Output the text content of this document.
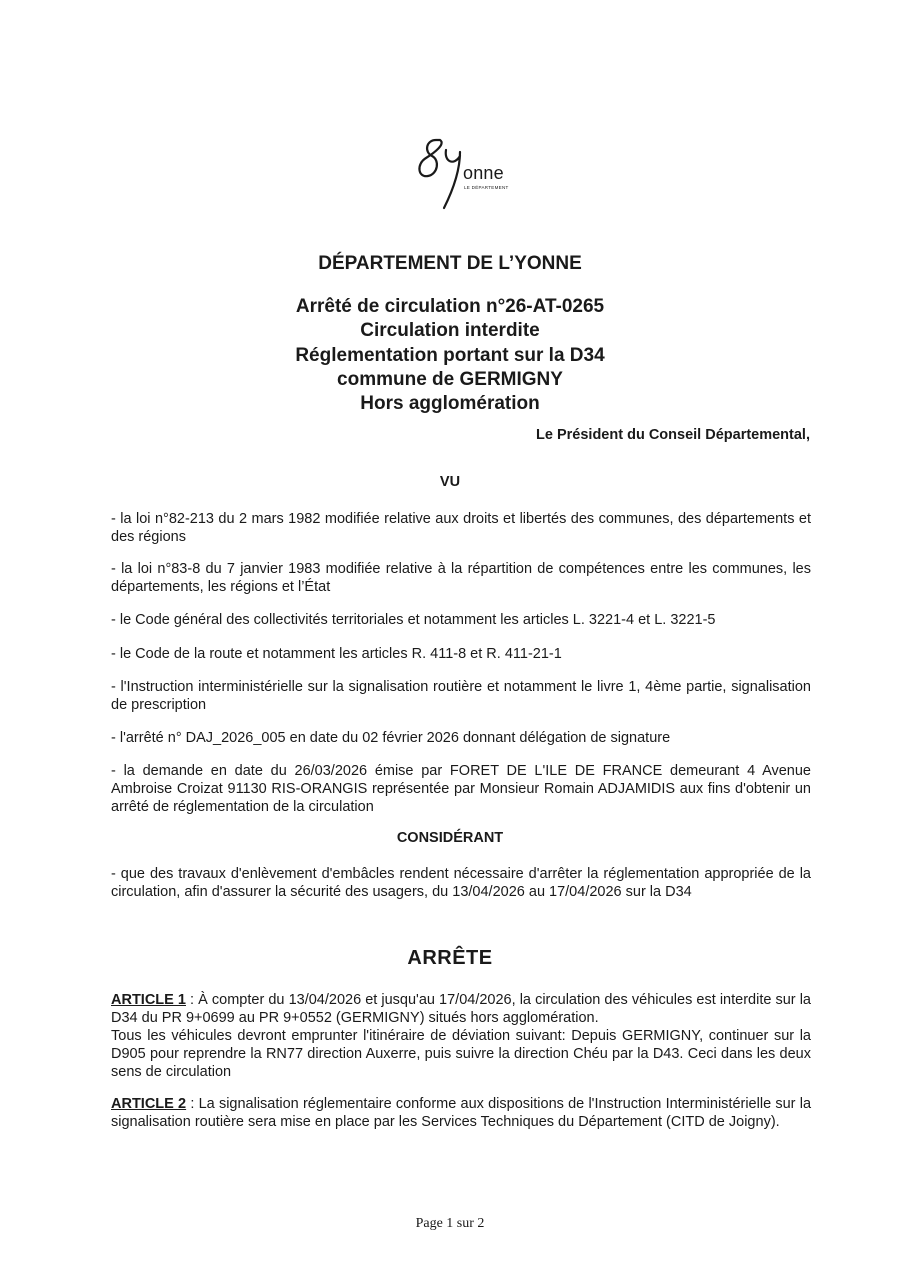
onne
LE DÉPARTEMENT
DÉPARTEMENT DE L’YONNE
Arrêté de circulation n°26-AT-0265
Circulation interdite
Réglementation portant sur la D34
commune de GERMIGNY
Hors agglomération
Le Président du Conseil Départemental,
VU

- la loi n°82-213 du 2 mars 1982 modifiée relative aux droits et libertés des communes, des départements et des régions

- la loi n°83-8 du 7 janvier 1983 modifiée relative à la répartition de compétences entre les communes, les départements, les régions et l’État

- le Code général des collectivités territoriales et notamment les articles L. 3221-4 et L. 3221-5

- le Code de la route et notamment les articles R. 411-8 et R. 411-21-1

- l'Instruction interministérielle sur la signalisation routière et notamment le livre 1, 4ème partie, signalisation de prescription

- l'arrêté n° DAJ_2026_005 en date du 02 février 2026 donnant délégation de signature

- la demande en date du 26/03/2026 émise par FORET DE L'ILE DE FRANCE demeurant 4 Avenue Ambroise Croizat 91130 RIS-ORANGIS représentée par Monsieur Romain ADJAMIDIS aux fins d'obtenir un arrêté de réglementation de la circulation

CONSIDÉRANT

- que des travaux d'enlèvement d'embâcles rendent nécessaire d'arrêter la réglementation appropriée de la circulation, afin d'assurer la sécurité des usagers, du 13/04/2026 au 17/04/2026 sur la D34

ARRÊTE

ARTICLE 1 : À compter du 13/04/2026 et jusqu'au 17/04/2026, la circulation des véhicules est interdite sur la D34 du PR 9+0699 au PR 9+0552 (GERMIGNY) situés hors agglomération.

Tous les véhicules devront emprunter l'itinéraire de déviation suivant: Depuis GERMIGNY, continuer sur la D905 pour reprendre la RN77 direction Auxerre, puis suivre la direction Chéu par la D43. Ceci dans les deux sens de circulation

ARTICLE 2 : La signalisation réglementaire conforme aux dispositions de l'Instruction Interministérielle sur la signalisation routière sera mise en place par les Services Techniques du Département (CITD de Joigny).

Page 1 sur 2
